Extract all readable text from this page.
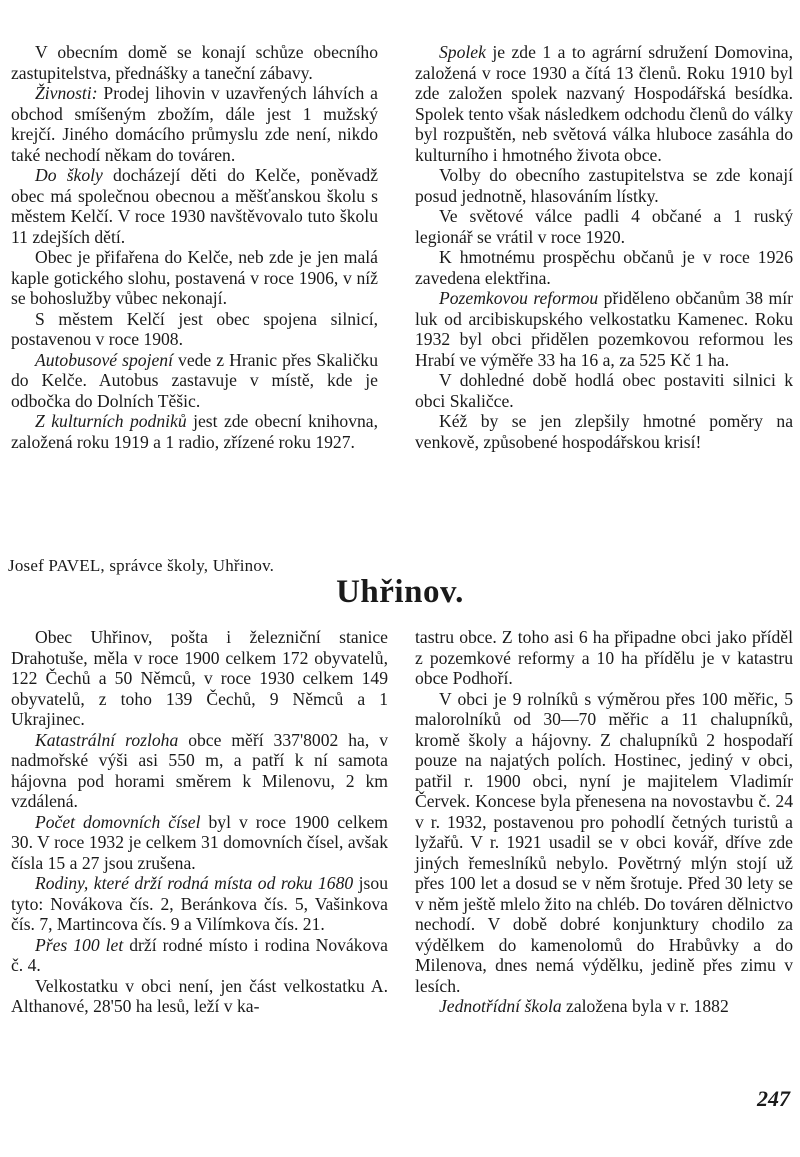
V obecním domě se konají schůze obecního zastupitelstva, přednášky a taneční zábavy.

Živnosti: Prodej lihovin v uzavřených láhvích a obchod smíšeným zbožím, dále jest 1 mužský krejčí. Jiného domácího průmyslu zde není, nikdo také nechodí někam do továren.

Do školy docházejí děti do Kelče, poněvadž obec má společnou obecnou a měšťanskou školu s městem Kelčí. V roce 1930 navštěvovalo tuto školu 11 zdejších dětí.

Obec je přifařena do Kelče, neb zde je jen malá kaple gotického slohu, postavená v roce 1906, v níž se bohoslužby vůbec nekonají.

S městem Kelčí jest obec spojena silnicí, postavenou v roce 1908.

Autobusové spojení vede z Hranic přes Skaličku do Kelče. Autobus zastavuje v místě, kde je odbočka do Dolních Těšic.

Z kulturních podniků jest zde obecní knihovna, založená roku 1919 a 1 radio, zřízené roku 1927.

Spolek je zde 1 a to agrární sdružení Domovina, založená v roce 1930 a čítá 13 členů. Roku 1910 byl zde založen spolek nazvaný Hospodářská besídka. Spolek tento však následkem odchodu členů do války byl rozpuštěn, neb světová válka hluboce zasáhla do kulturního i hmotného života obce.

Volby do obecního zastupitelstva se zde konají posud jednotně, hlasováním lístky.

Ve světové válce padli 4 občané a 1 ruský legionář se vrátil v roce 1920.

K hmotnému prospěchu občanů je v roce 1926 zavedena elektřina.

Pozemkovou reformou přiděleno občanům 38 mír luk od arcibiskupského velkostatku Kamenec. Roku 1932 byl obci přidělen pozemkovou reformou les Hrabí ve výměře 33 ha 16 a, za 525 Kč 1 ha.

V dohledné době hodlá obec postaviti silnici k obci Skaličce.

Kéž by se jen zlepšily hmotné poměry na venkově, způsobené hospodářskou krisí!

Josef PAVEL, správce školy, Uhřinov.
Uhřinov.

Obec Uhřinov, pošta i železniční stanice Drahotuše, měla v roce 1900 celkem 172 obyvatelů, 122 Čechů a 50 Němců, v roce 1930 celkem 149 obyvatelů, z toho 139 Čechů, 9 Němců a 1 Ukrajinec.

Katastrální rozloha obce měří 337'8002 ha, v nadmořské výši asi 550 m, a patří k ní samota hájovna pod horami směrem k Milenovu, 2 km vzdálená.

Počet domovních čísel byl v roce 1900 celkem 30. V roce 1932 je celkem 31 domovních čísel, avšak čísla 15 a 27 jsou zrušena.

Rodiny, které drží rodná místa od roku 1680 jsou tyto: Novákova čís. 2, Beránkova čís. 5, Vašinkova čís. 7, Martincova čís. 9 a Vilímkova čís. 21.

Přes 100 let drží rodné místo i rodina Novákova č. 4.

Velkostatku v obci není, jen část velkostatku A. Althanové, 28'50 ha lesů, leží v ka-

tastru obce. Z toho asi 6 ha připadne obci jako příděl z pozemkové reformy a 10 ha přídělu je v katastru obce Podhoří.

V obci je 9 rolníků s výměrou přes 100 měřic, 5 malorolníků od 30—70 měřic a 11 chalupníků, kromě školy a hájovny. Z chalupníků 2 hospodaří pouze na najatých polích. Hostinec, jediný v obci, patřil r. 1900 obci, nyní je majitelem Vladimír Červek. Koncese byla přenesena na novostavbu č. 24 v r. 1932, postavenou pro pohodlí četných turistů a lyžařů. V r. 1921 usadil se v obci kovář, dříve zde jiných řemeslníků nebylo. Povětrný mlýn stojí už přes 100 let a dosud se v něm šrotuje. Před 30 lety se v něm ještě mlelo žito na chléb. Do továren dělnictvo nechodí. V době dobré konjunktury chodilo za výdělkem do kamenolomů do Hrabůvky a do Milenova, dnes nemá výdělku, jedině přes zimu v lesích.

Jednotřídní škola založena byla v r. 1882

247
